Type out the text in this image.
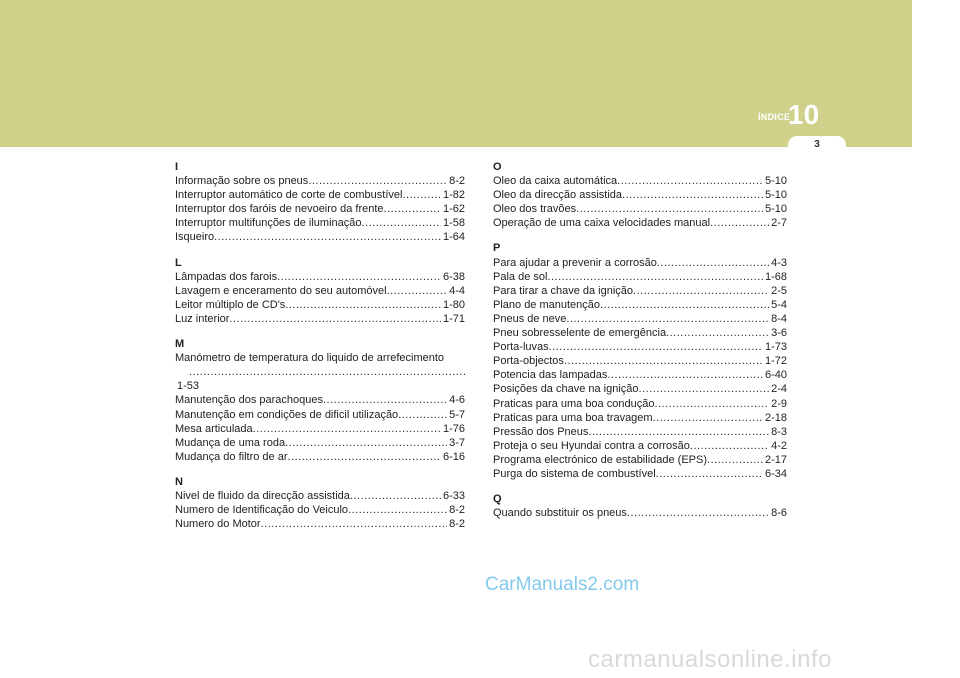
ÍNDICE
10
3
I
Informação sobre os pneus .....	8-2
Interruptor automático de corte de combustível .....	1-82
Interruptor dos faróis de nevoeiro da frente .....	1-62
Interruptor multifunções de iluminação .....	1-58
Isqueiro .....	1-64
L
Lâmpadas dos farois .....	6-38
Lavagem e enceramento do seu automóvel .....	4-4
Leitor múltiplo de CD's .....	1-80
Luz interior .....	1-71
M
Manómetro de temperatura do liquido de arrefecimento
.....
1-53
Manutenção dos parachoques .....	4-6
Manutenção em condições de dificil utilização .....	5-7
Mesa articulada .....	1-76
Mudança de uma roda .....	3-7
Mudança do filtro de ar .....	6-16
N
Nivel de fluido da direcção assistida .....	6-33
Numero de Identificação do Veiculo .....	8-2
Numero do Motor .....	8-2
O
Oleo da caixa automática .....	5-10
Oleo da direcção assistida .....	5-10
Oleo dos travões .....	5-10
Operação de uma caixa velocidades manual .....	2-7
P
Para ajudar a prevenir a corrosão .....	4-3
Pala de sol .....	1-68
Para tirar a chave da ignição .....	2-5
Plano de manutenção .....	5-4
Pneus de neve .....	8-4
Pneu sobresselente de emergência .....	3-6
Porta-luvas .....	1-73
Porta-objectos .....	1-72
Potencia das lampadas .....	6-40
Posições da chave na ignição .....	2-4
Praticas para uma boa condução .....	2-9
Praticas para uma boa travagem .....	2-18
Pressão dos Pneus .....	8-3
Proteja o seu Hyundai contra a corrosão .....	4-2
Programa electrónico de estabilidade (EPS) .....	2-17
Purga do sistema de combustível .....	6-34
Q
Quando substituir os pneus .....	8-6
CarManuals2.com
carmanualsonline.info
